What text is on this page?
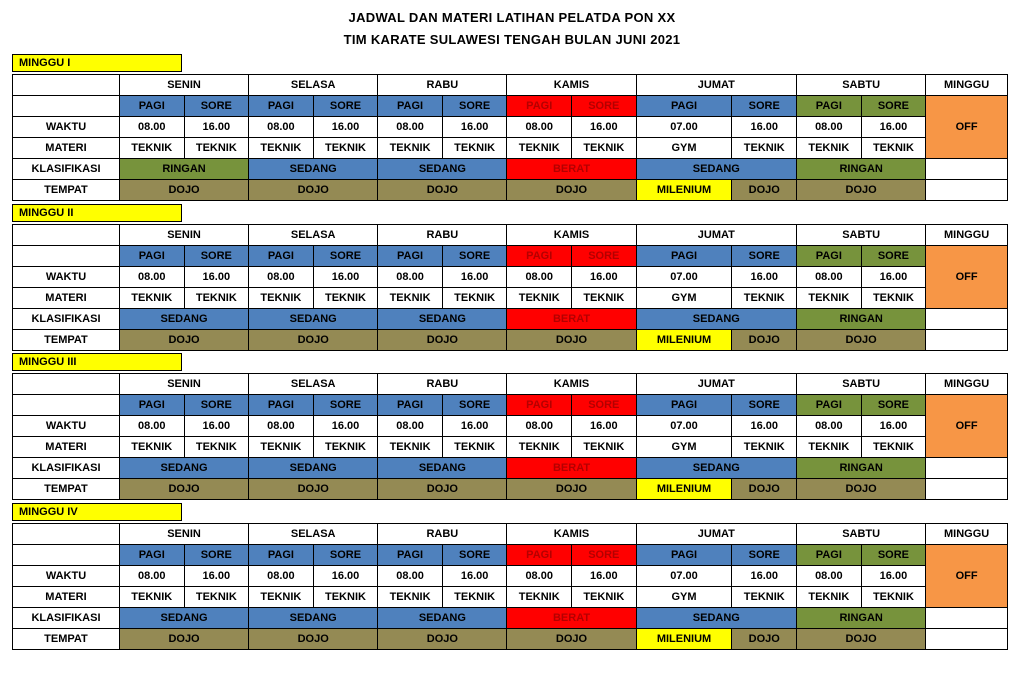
JADWAL DAN MATERI LATIHAN PELATDA PON XX
TIM KARATE SULAWESI TENGAH BULAN JUNI 2021
MINGGU I
	SENIN		SELASA		RABU		KAMIS		JUMAT		SABTU		MINGGU
	PAGI	SORE	PAGI	SORE	PAGI	SORE	PAGI	SORE	PAGI	SORE	PAGI	SORE	OFF
WAKTU	08.00	16.00	08.00	16.00	08.00	16.00	08.00	16.00	07.00	16.00	08.00	16.00	
MATERI	TEKNIK	TEKNIK	TEKNIK	TEKNIK	TEKNIK	TEKNIK	TEKNIK	TEKNIK	GYM	TEKNIK	TEKNIK	TEKNIK	
KLASIFIKASI	RINGAN		SEDANG		SEDANG		BERAT		SEDANG		RINGAN		
TEMPAT	DOJO		DOJO		DOJO		DOJO		MILENIUM	DOJO	DOJO		
MINGGU II
	SENIN		SELASA		RABU		KAMIS		JUMAT		SABTU		MINGGU
	PAGI	SORE	PAGI	SORE	PAGI	SORE	PAGI	SORE	PAGI	SORE	PAGI	SORE	OFF
WAKTU	08.00	16.00	08.00	16.00	08.00	16.00	08.00	16.00	07.00	16.00	08.00	16.00	
MATERI	TEKNIK	TEKNIK	TEKNIK	TEKNIK	TEKNIK	TEKNIK	TEKNIK	TEKNIK	GYM	TEKNIK	TEKNIK	TEKNIK	
KLASIFIKASI	SEDANG		SEDANG		SEDANG		BERAT		SEDANG		RINGAN		
TEMPAT	DOJO		DOJO		DOJO		DOJO		MILENIUM	DOJO	DOJO		
MINGGU III
	SENIN		SELASA		RABU		KAMIS		JUMAT		SABTU		MINGGU
	PAGI	SORE	PAGI	SORE	PAGI	SORE	PAGI	SORE	PAGI	SORE	PAGI	SORE	OFF
WAKTU	08.00	16.00	08.00	16.00	08.00	16.00	08.00	16.00	07.00	16.00	08.00	16.00	
MATERI	TEKNIK	TEKNIK	TEKNIK	TEKNIK	TEKNIK	TEKNIK	TEKNIK	TEKNIK	GYM	TEKNIK	TEKNIK	TEKNIK	
KLASIFIKASI	SEDANG		SEDANG		SEDANG		BERAT		SEDANG		RINGAN		
TEMPAT	DOJO		DOJO		DOJO		DOJO		MILENIUM	DOJO	DOJO		
MINGGU IV
	SENIN		SELASA		RABU		KAMIS		JUMAT		SABTU		MINGGU
	PAGI	SORE	PAGI	SORE	PAGI	SORE	PAGI	SORE	PAGI	SORE	PAGI	SORE	OFF
WAKTU	08.00	16.00	08.00	16.00	08.00	16.00	08.00	16.00	07.00	16.00	08.00	16.00	
MATERI	TEKNIK	TEKNIK	TEKNIK	TEKNIK	TEKNIK	TEKNIK	TEKNIK	TEKNIK	GYM	TEKNIK	TEKNIK	TEKNIK	
KLASIFIKASI	SEDANG		SEDANG		SEDANG		BERAT		SEDANG		RINGAN		
TEMPAT	DOJO		DOJO		DOJO		DOJO		MILENIUM	DOJO	DOJO		
